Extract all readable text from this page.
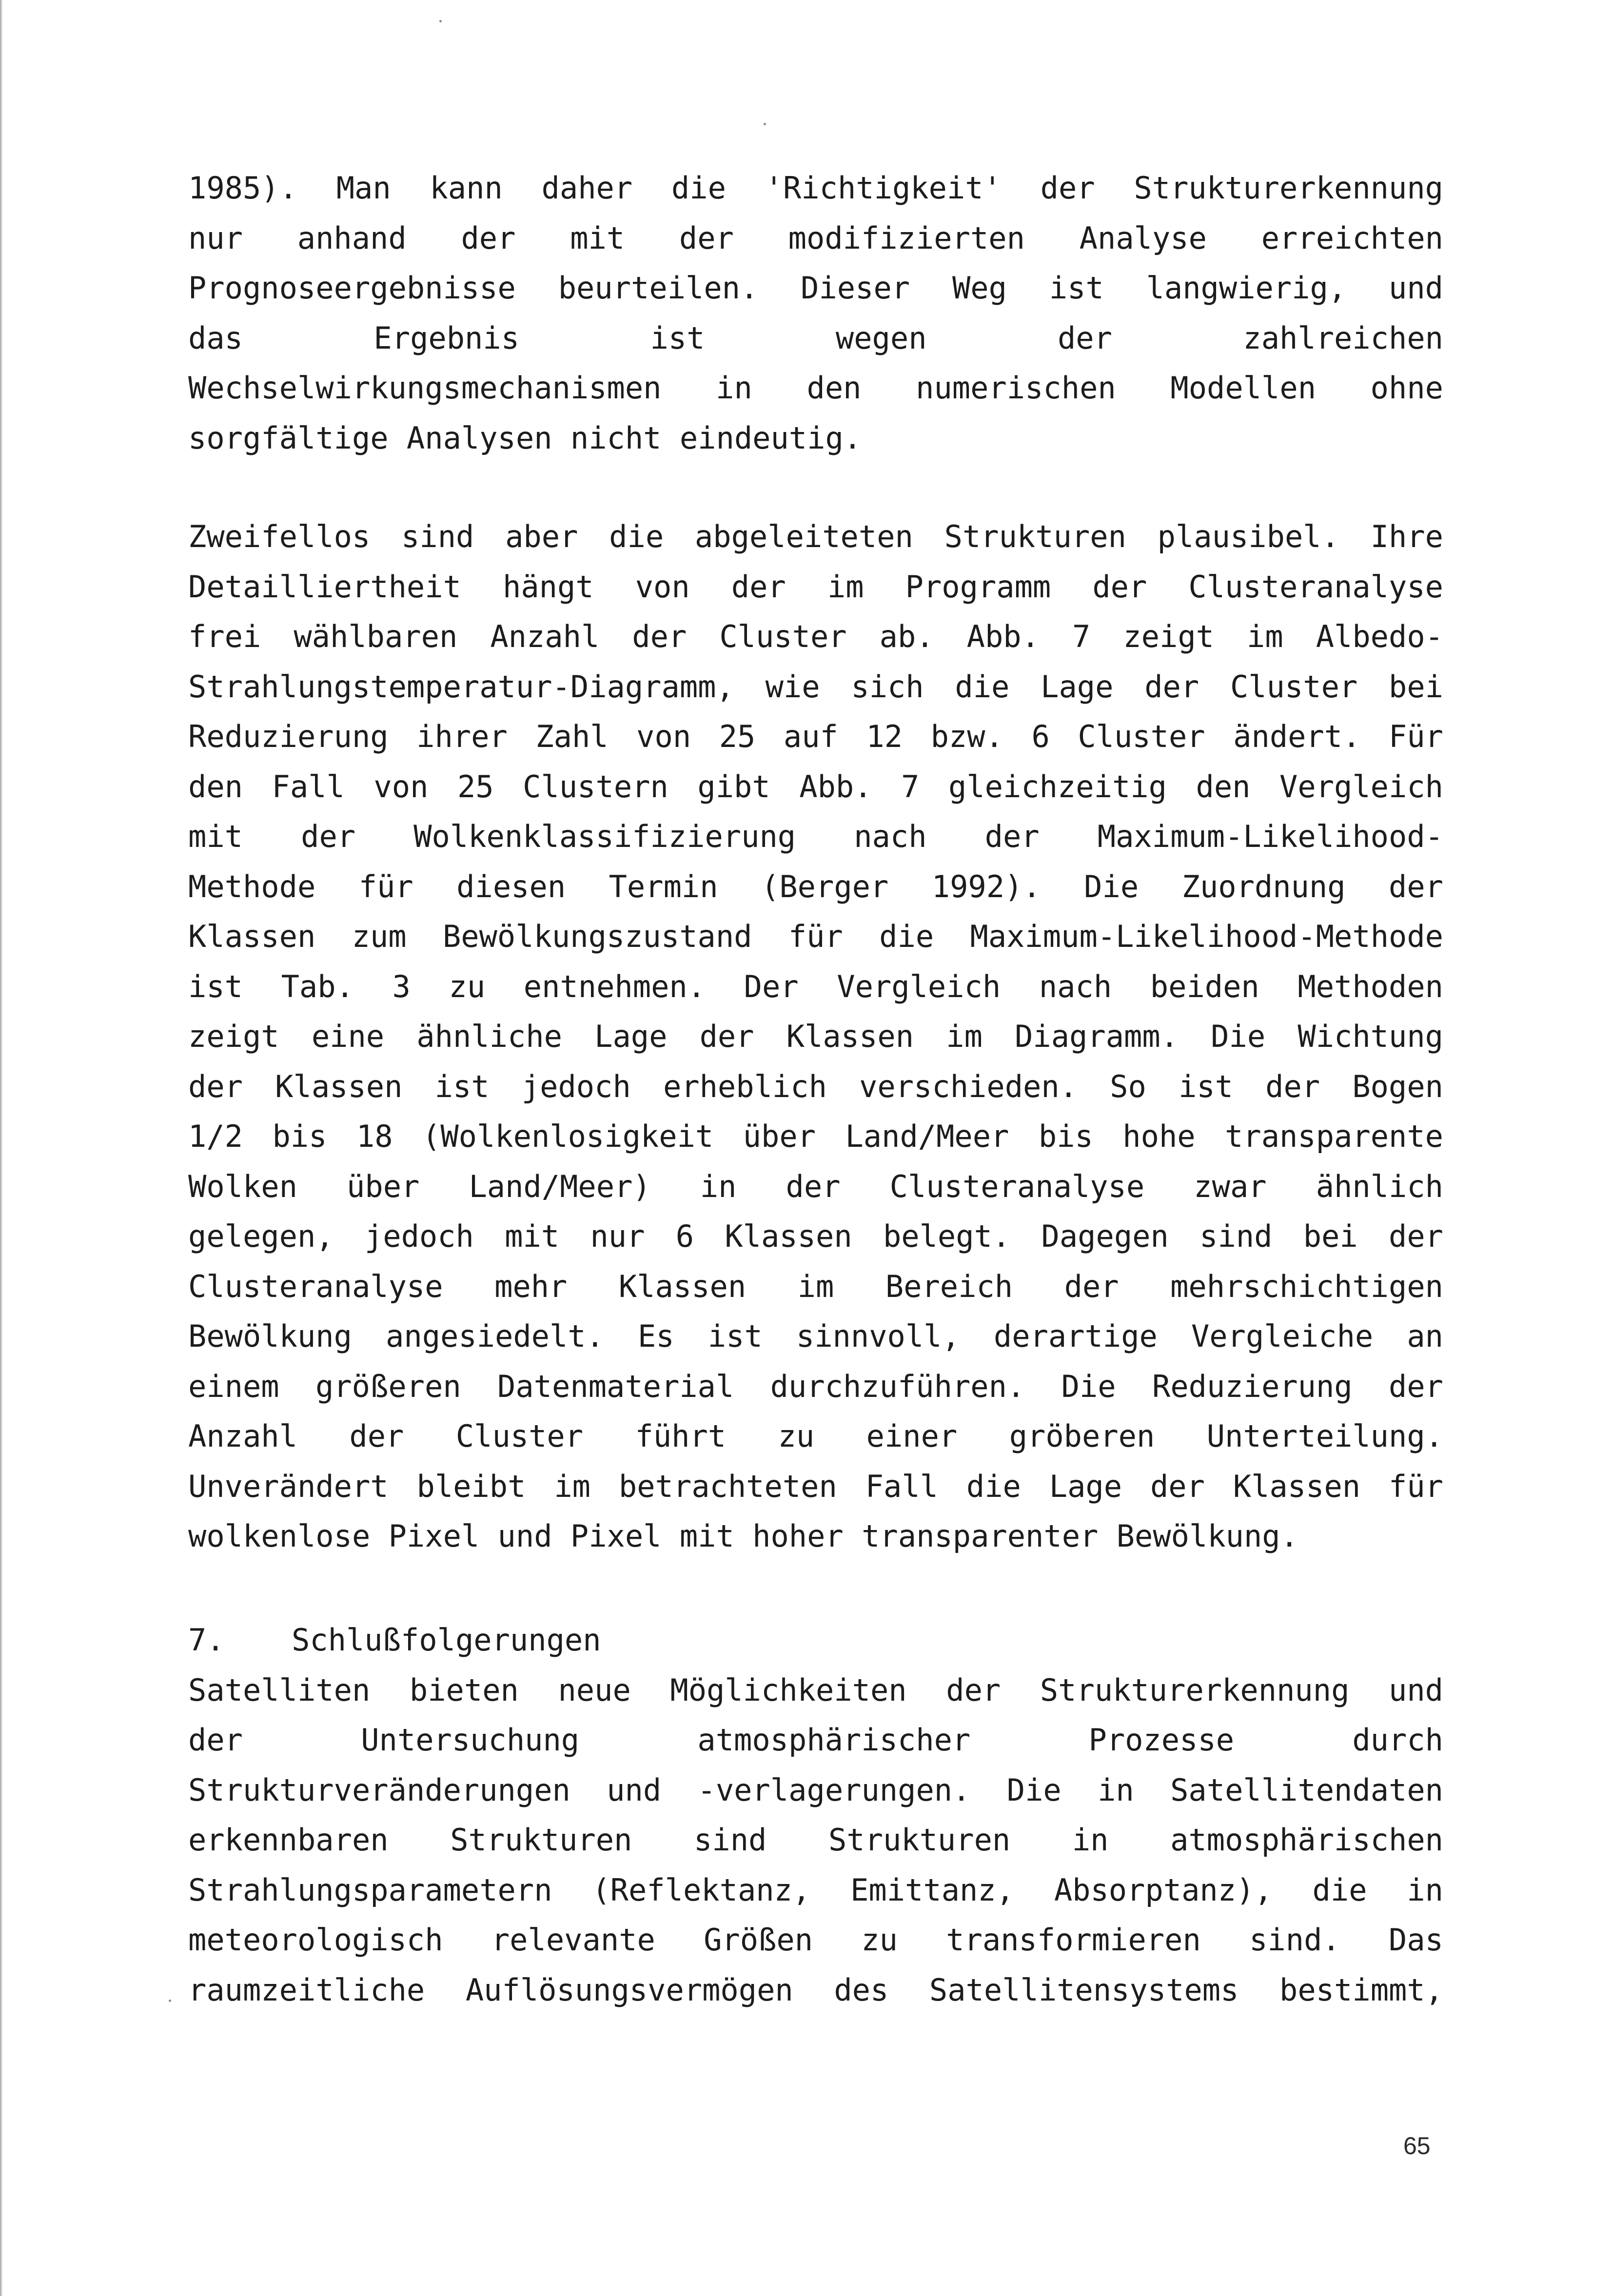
1985). Man kann daher die 'Richtigkeit' der Strukturerkennung
nur anhand der mit der modifizierten Analyse erreichten
Prognoseergebnisse beurteilen. Dieser Weg ist langwierig, und
das Ergebnis ist wegen der zahlreichen
Wechselwirkungsmechanismen in den numerischen Modellen ohne
sorgfältige Analysen nicht eindeutig.
Zweifellos sind aber die abgeleiteten Strukturen plausibel. Ihre
Detailliertheit hängt von der im Programm der Clusteranalyse
frei wählbaren Anzahl der Cluster ab. Abb. 7 zeigt im Albedo-
Strahlungstemperatur-Diagramm, wie sich die Lage der Cluster bei
Reduzierung ihrer Zahl von 25 auf 12 bzw. 6 Cluster ändert. Für
den Fall von 25 Clustern gibt Abb. 7 gleichzeitig den Vergleich
mit der Wolkenklassifizierung nach der Maximum-Likelihood-
Methode für diesen Termin (Berger 1992). Die Zuordnung der
Klassen zum Bewölkungszustand für die Maximum-Likelihood-Methode
ist Tab. 3 zu entnehmen. Der Vergleich nach beiden Methoden
zeigt eine ähnliche Lage der Klassen im Diagramm. Die Wichtung
der Klassen ist jedoch erheblich verschieden. So ist der Bogen
1/2 bis 18 (Wolkenlosigkeit über Land/Meer bis hohe transparente
Wolken über Land/Meer) in der Clusteranalyse zwar ähnlich
gelegen, jedoch mit nur 6 Klassen belegt. Dagegen sind bei der
Clusteranalyse mehr Klassen im Bereich der mehrschichtigen
Bewölkung angesiedelt. Es ist sinnvoll, derartige Vergleiche an
einem größeren Datenmaterial durchzuführen. Die Reduzierung der
Anzahl der Cluster führt zu einer gröberen Unterteilung.
Unverändert bleibt im betrachteten Fall die Lage der Klassen für
wolkenlose Pixel und Pixel mit hoher transparenter Bewölkung.
7. Schlußfolgerungen
Satelliten bieten neue Möglichkeiten der Strukturerkennung und
der Untersuchung atmosphärischer Prozesse durch
Strukturveränderungen und -verlagerungen. Die in Satellitendaten
erkennbaren Strukturen sind Strukturen in atmosphärischen
Strahlungsparametern (Reflektanz, Emittanz, Absorptanz), die in
meteorologisch relevante Größen zu transformieren sind. Das
raumzeitliche Auflösungsvermögen des Satellitensystems bestimmt,
65
